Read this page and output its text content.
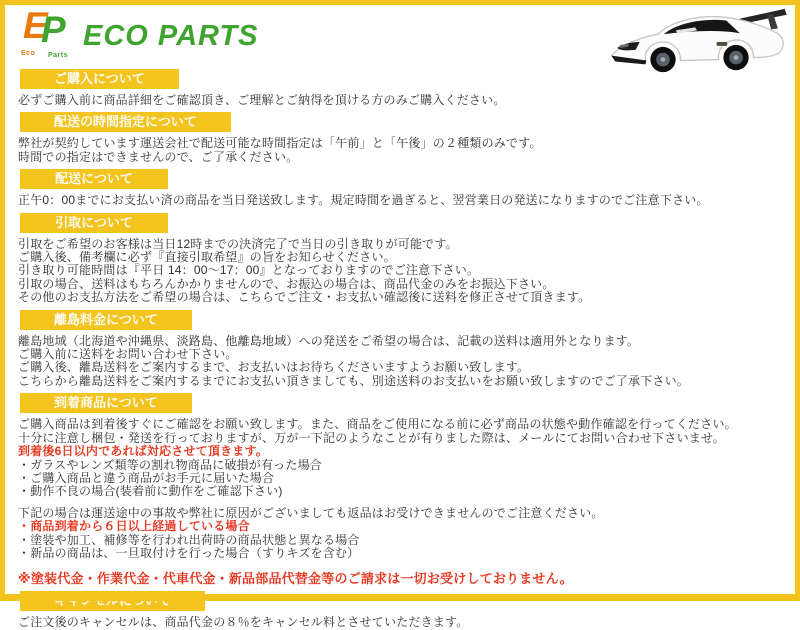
E
P
Eco Parts
ECO PARTS
ご購入について
必ずご購入前に商品詳細をご確認頂き、ご理解とご納得を頂ける方のみご購入ください。
配送の時間指定について
弊社が契約しています運送会社で配送可能な時間指定は「午前」と「午後」の２種類のみです。
時間での指定はできませんので、ご了承ください。
配送について
正午0：00までにお支払い済の商品を当日発送致します。規定時間を過ぎると、翌営業日の発送になりますのでご注意下さい。
引取について
引取をご希望のお客様は当日12時までの決済完了で当日の引き取りが可能です。
ご購入後、備考欄に必ず『直接引取希望』の旨をお知らせください。
引き取り可能時間は『平日 14：00～17：00』となっておりますのでご注意下さい。
引取の場合、送料はもちろんかかりませんので、お振込の場合は、商品代金のみをお振込下さい。
その他のお支払方法をご希望の場合は、こちらでご注文・お支払い確認後に送料を修正させて頂きます。
離島料金について
離島地域（北海道や沖縄県、淡路島、他離島地域）への発送をご希望の場合は、記載の送料は適用外となります。
ご購入前に送料をお問い合わせ下さい。
ご購入後、離島送料をご案内するまで、お支払いはお待ちくださいますようお願い致します。
こちらから離島送料をご案内するまでにお支払い頂きましても、別途送料のお支払いをお願い致しますのでご了承下さい。
到着商品について
ご購入商品は到着後すぐにご確認をお願い致します。また、商品をご使用になる前に必ず商品の状態や動作確認を行ってください。
十分に注意し梱包・発送を行っておりますが、万が一下記のようなことが有りました際は、メールにてお問い合わせ下さいませ。
到着後6日以内であれば対応させて頂きます。
・ガラスやレンズ類等の割れ物商品に破損が有った場合
・ご購入商品と違う商品がお手元に届いた場合
・動作不良の場合(装着前に動作をご確認下さい)
下記の場合は運送途中の事故や弊社に原因がございましても返品はお受けできませんのでご注意ください。
・商品到着から６日以上経過している場合
・塗装や加工、補修等を行われ出荷時の商品状態と異なる場合
・新品の商品は、一旦取付けを行った場合（すりキズを含む）
※塗装代金・作業代金・代車代金・新品部品代替金等のご請求は一切お受けしておりません。
ご注文後のキャンセルは、商品代金の８％をキャンセル料とさせていただきます。
